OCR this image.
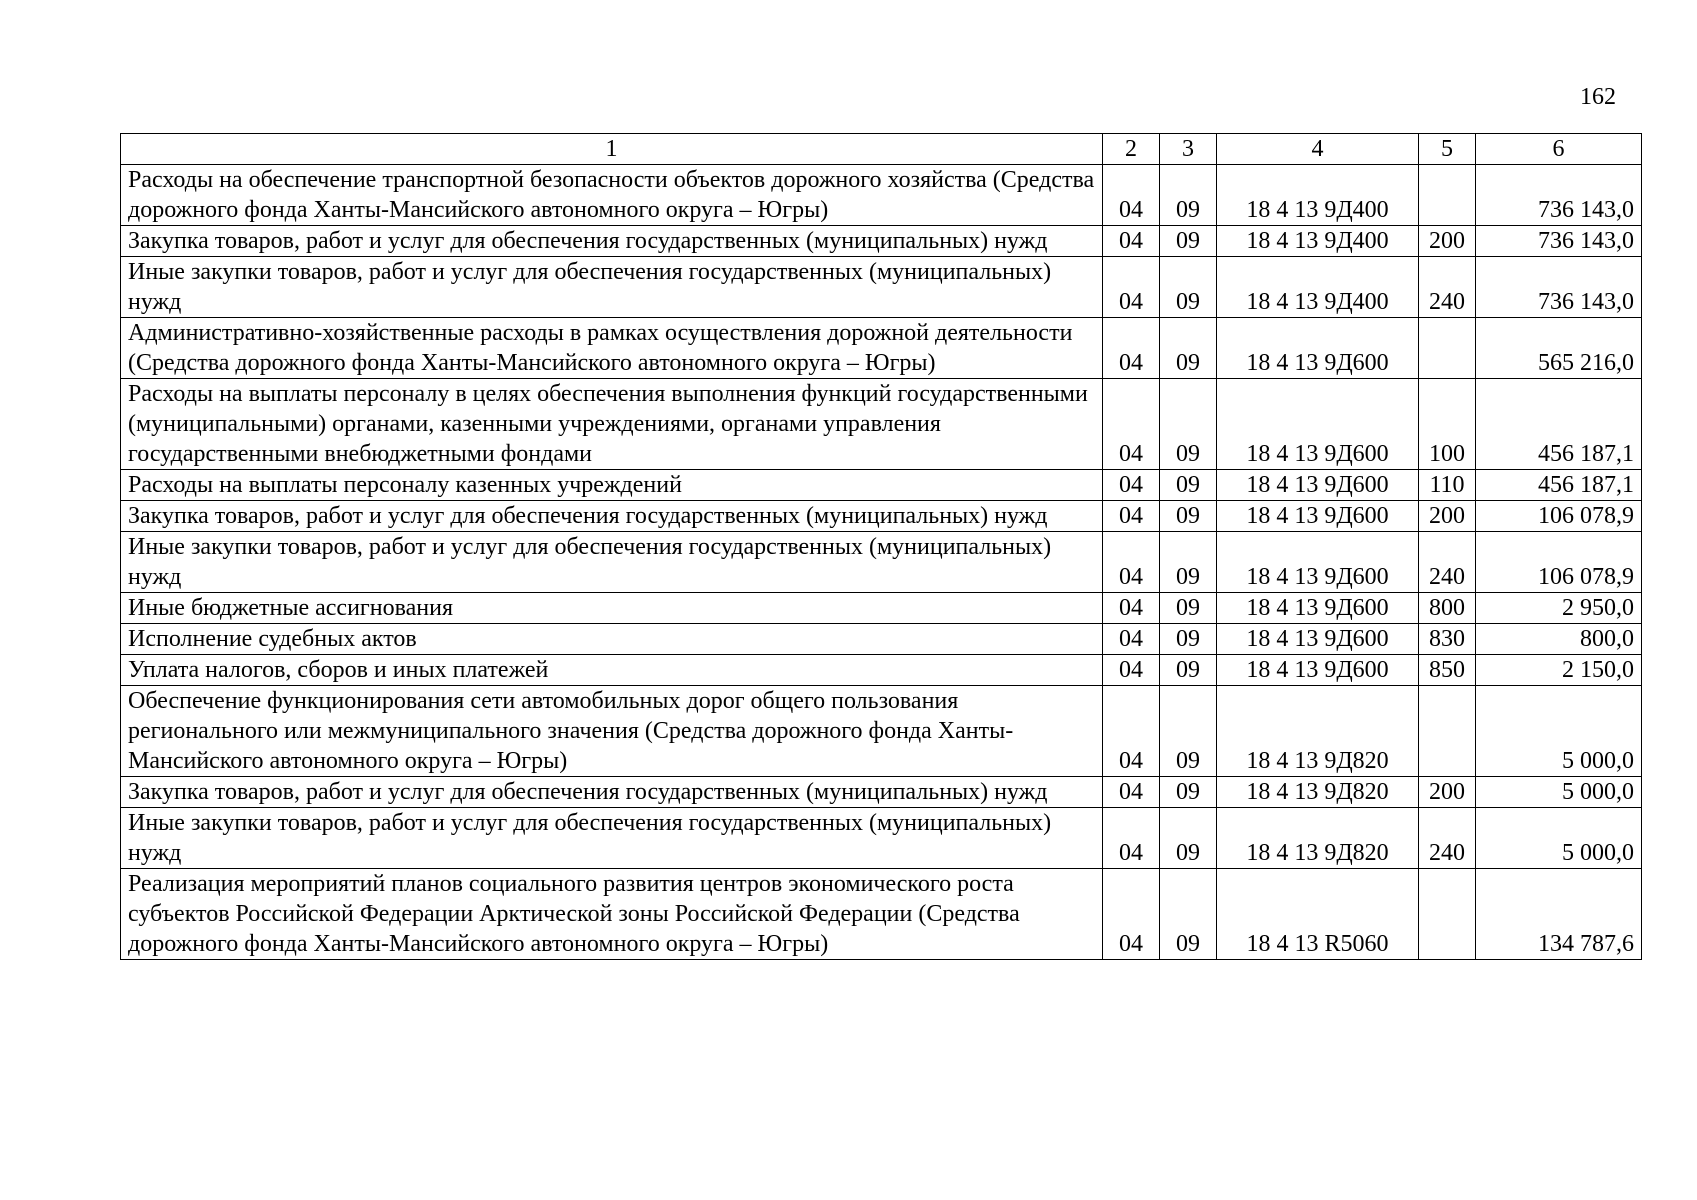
162
1	2	3	4	5	6
Расходы на обеспечение транспортной безопасности объектов дорожного хозяйства (Средства дорожного фонда Ханты-Мансийского автономного округа – Югры)	04	09	18 4 13 9Д400		736 143,0
Закупка товаров, работ и услуг для обеспечения государственных (муниципальных) нужд	04	09	18 4 13 9Д400	200	736 143,0
Иные закупки товаров, работ и услуг для обеспечения государственных (муниципальных) нужд	04	09	18 4 13 9Д400	240	736 143,0
Административно-хозяйственные расходы в рамках осуществления дорожной деятельности (Средства дорожного фонда Ханты-Мансийского автономного округа – Югры)	04	09	18 4 13 9Д600		565 216,0
Расходы на выплаты персоналу в целях обеспечения выполнения функций государственными (муниципальными) органами, казенными учреждениями, органами управления государственными внебюджетными фондами	04	09	18 4 13 9Д600	100	456 187,1
Расходы на выплаты персоналу казенных учреждений	04	09	18 4 13 9Д600	110	456 187,1
Закупка товаров, работ и услуг для обеспечения государственных (муниципальных) нужд	04	09	18 4 13 9Д600	200	106 078,9
Иные закупки товаров, работ и услуг для обеспечения государственных (муниципальных) нужд	04	09	18 4 13 9Д600	240	106 078,9
Иные бюджетные ассигнования	04	09	18 4 13 9Д600	800	2 950,0
Исполнение судебных актов	04	09	18 4 13 9Д600	830	800,0
Уплата налогов, сборов и иных платежей	04	09	18 4 13 9Д600	850	2 150,0
Обеспечение функционирования сети автомобильных дорог общего пользования регионального или межмуниципального значения (Средства дорожного фонда Ханты-Мансийского автономного округа – Югры)	04	09	18 4 13 9Д820		5 000,0
Закупка товаров, работ и услуг для обеспечения государственных (муниципальных) нужд	04	09	18 4 13 9Д820	200	5 000,0
Иные закупки товаров, работ и услуг для обеспечения государственных (муниципальных) нужд	04	09	18 4 13 9Д820	240	5 000,0
Реализация мероприятий планов социального развития центров экономического роста субъектов Российской Федерации Арктической зоны Российской Федерации (Средства дорожного фонда Ханты-Мансийского автономного округа – Югры)	04	09	18 4 13 R5060		134 787,6
